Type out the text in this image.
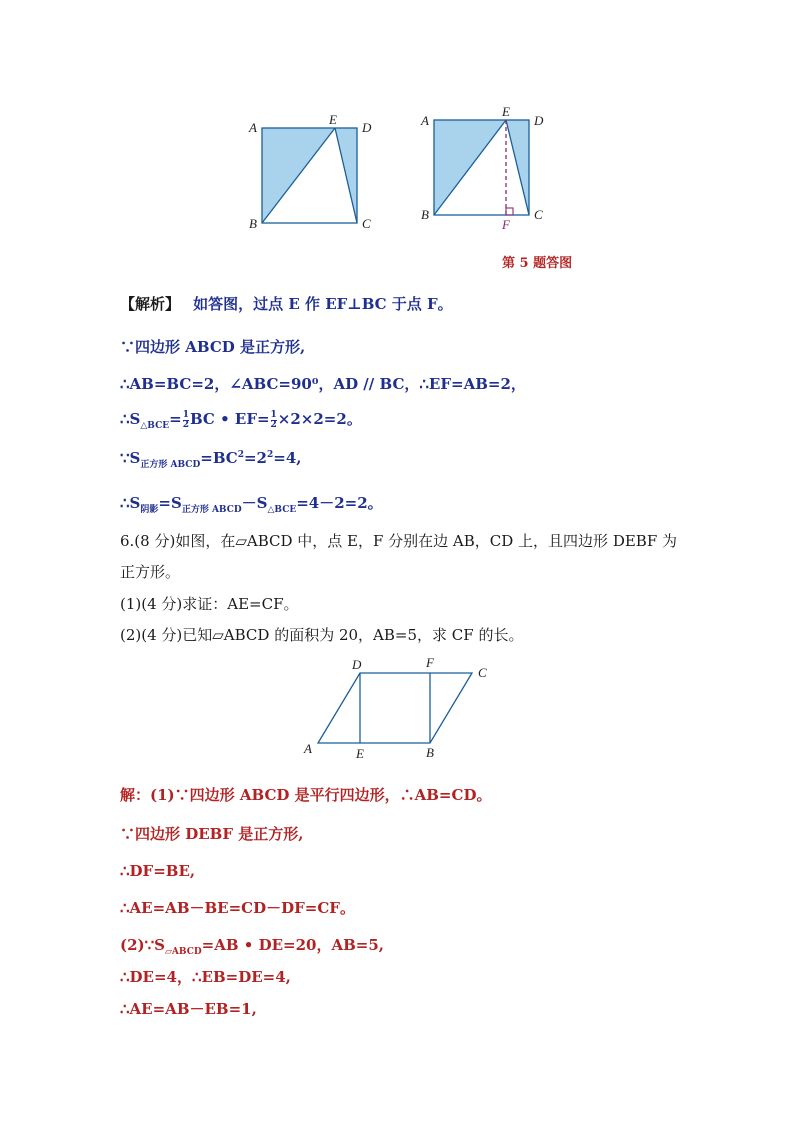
A
E
D
B	C
A
E
D
B
F
C
第 5 题答图
【解析】 如答图，过点 E 作 EF⊥BC 于点 F。
∵四边形 ABCD 是正方形,
∴AB=BC=2，∠ABC=90⁰，AD // BC，∴EF=AB=2，
$\therefore S_{\triangle BCE}= \frac{1}{2}$ BC • $EF= \frac{1}{2} \times 2\times 2=2$。
$\because S_{正方形 ABCD}=BC^2=2^2=4$,
$\therefore S_{阴影}=S_{正方形 ABCD}-S_{\triangle BCE}=4-2=2$。
6.(8 分)如图，在▱ABCD 中，点 E，F 分别在边 AB，CD 上，且四边形 DEBF 为
正方形。
(1)(4 分)求证：AE=CF。
(2)(4 分)已知▱ABCD 的面积为 20，AB=5，求 CF 的长。
D	F
C
A	E	B
解：(1)∵四边形 ABCD 是平行四边形，∴AB=CD。
∵四边形 DEBF 是正方形,
∴DF=BE,
∴AE=AB－BE=CD－DF=CF。
$(2)\because S_{▱ABCD}=AB$ • DE=20，AB=5,
∴DE=4，∴EB=DE=4,
∴AE=AB－EB=1,
